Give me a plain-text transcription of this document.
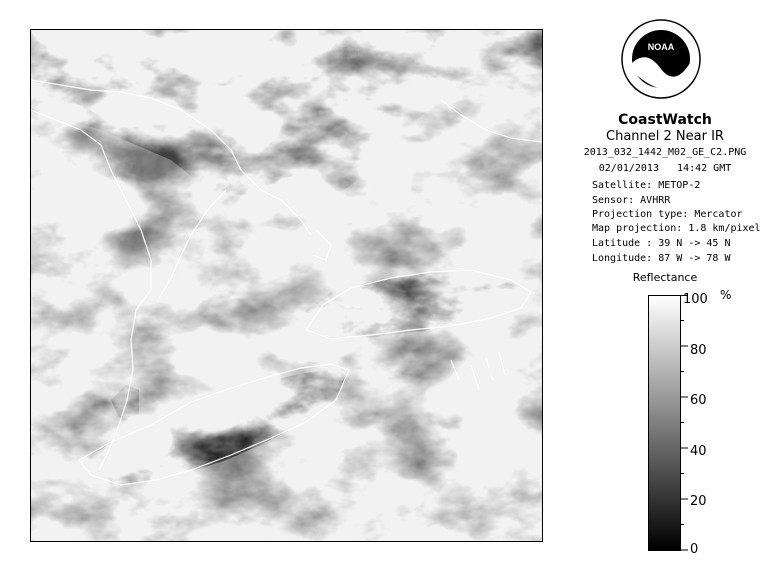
NOAA
CoastWatch
Channel 2 Near IR
2013_032_1442_M02_GE_C2.PNG
02/01/2013 14:42 GMT
Satellite: METOP-2
Sensor: AVHRR
Projection type: Mercator
Map projection: 1.8 km/pixel
Latitude : 39 N -> 45 N
Longitude: 87 W -> 78 W
Reflectance
%
100
80
60
40
20
0
